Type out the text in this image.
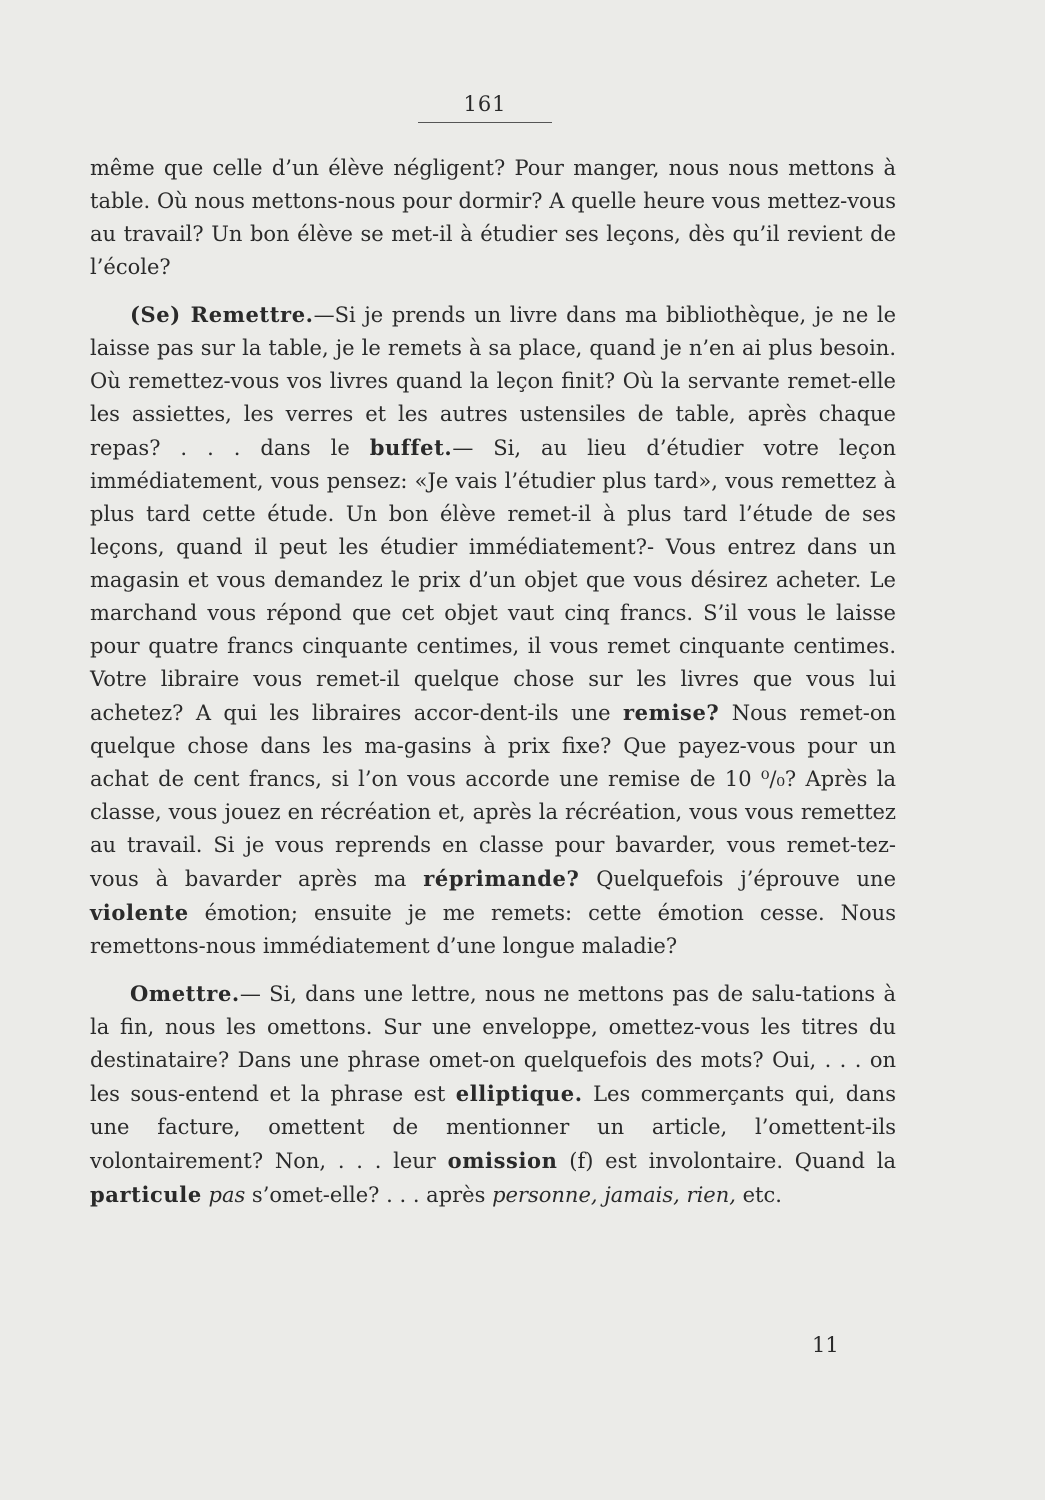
161

même que celle d’un élève négligent? Pour manger, nous nous mettons à table. Où nous mettons-nous pour dormir? A quelle heure vous mettez-vous au travail? Un bon élève se met-il à étudier ses leçons, dès qu’il revient de l’école?

(Se) Remettre.—Si je prends un livre dans ma bibliothèque, je ne le laisse pas sur la table, je le remets à sa place, quand je n’en ai plus besoin. Où remettez-vous vos livres quand la leçon finit? Où la servante remet-elle les assiettes, les verres et les autres ustensiles de table, après chaque repas? . . . dans le buffet.— Si, au lieu d’étudier votre leçon immédiatement, vous pensez: «Je vais l’étudier plus tard», vous remettez à plus tard cette étude. Un bon élève remet-il à plus tard l’étude de ses leçons, quand il peut les étudier immédiatement?- Vous entrez dans un magasin et vous demandez le prix d’un objet que vous désirez acheter. Le marchand vous répond que cet objet vaut cinq francs. S’il vous le laisse pour quatre francs cinquante centimes, il vous remet cinquante centimes. Votre libraire vous remet-il quelque chose sur les livres que vous lui achetez? A qui les libraires accor-dent-ils une remise? Nous remet-on quelque chose dans les ma-gasins à prix fixe? Que payez-vous pour un achat de cent francs, si l’on vous accorde une remise de 10 ⁰/₀? Après la classe, vous jouez en récréation et, après la récréation, vous vous remettez au travail. Si je vous reprends en classe pour bavarder, vous remet-tez-vous à bavarder après ma réprimande? Quelquefois j’éprouve une violente émotion; ensuite je me remets: cette émotion cesse. Nous remettons-nous immédiatement d’une longue maladie?

Omettre.— Si, dans une lettre, nous ne mettons pas de salu-tations à la fin, nous les omettons. Sur une enveloppe, omettez-vous les titres du destinataire? Dans une phrase omet-on quelquefois des mots? Oui, . . . on les sous-entend et la phrase est elliptique. Les commerçants qui, dans une facture, omettent de mentionner un article, l’omettent-ils volontairement? Non, . . . leur omission (f) est involontaire. Quand la particule pas s’omet-elle? . . . après personne, jamais, rien, etc.

11
